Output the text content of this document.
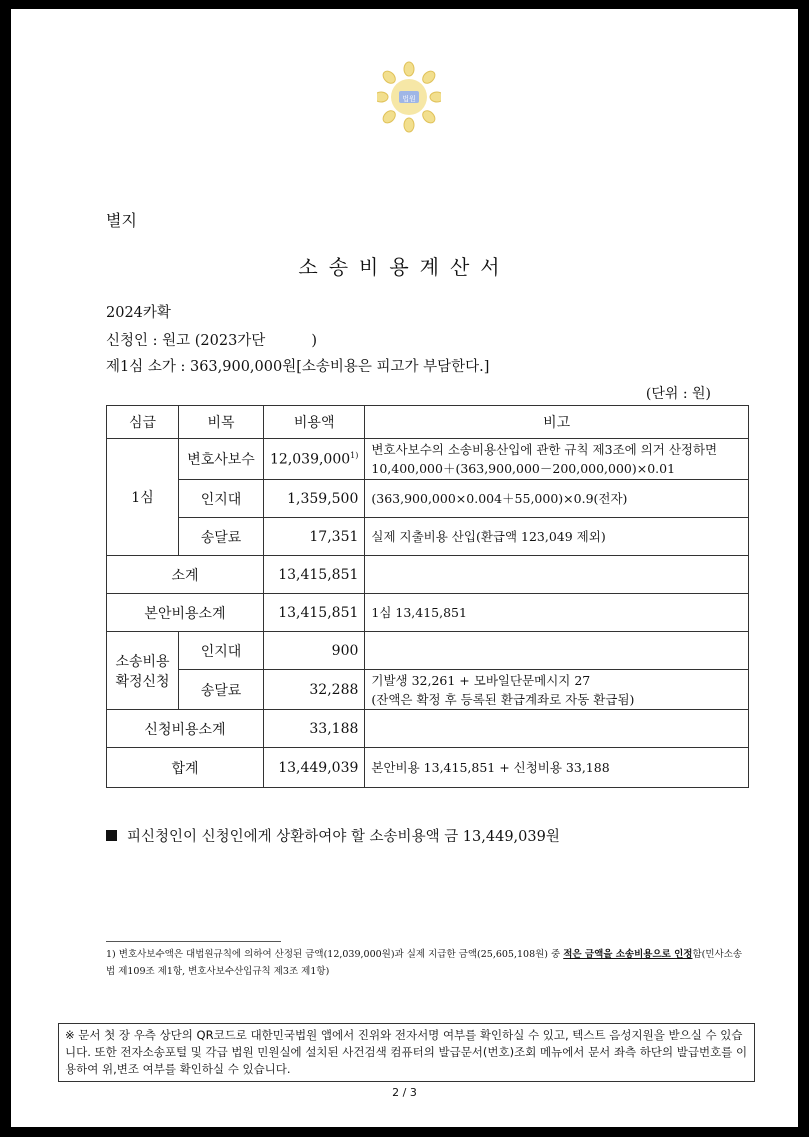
법원
별지
소송비용계산서
2024카확
신청인 : 원고 (2023가단          )
제1심 소가 : 363,900,000원[소송비용은 피고가 부담한다.]
(단위 : 원)
심급	비목	비용액	비고
1심	변호사보수	12,039,000$^{1)}$	변호사보수의 소송비용산입에 관한 규칙 제3조에 의거 산정하면
10,400,000＋(363,900,000－200,000,000)×0.01

	인지대	1,359,500	(363,900,000×0.004＋55,000)×0.9(전자)
	송달료	17,351	실제 지출비용 산입(환급액 123,049 제외)
소계		13,415,851	
본안비용소계		13,415,851	1심 13,415,851

소송비용
확정신청	인지대	900	
	송달료	32,288	기발생 32,261 + 모바일단문메시지 27
(잔액은 확정 후 등록된 환급계좌로 자동 환급됨)

신청비용소계		33,188	
합계		13,449,039	본안비용 13,415,851 + 신청비용 33,188
피신청인이 신청인에게 상환하여야 할 소송비용액 금 13,449,039원
1) 변호사보수액은 대법원규칙에 의하여 산정된 금액(12,039,000원)과 실제 지급한 금액(25,605,108원) 중 적은 금액을 소송비용으로 인정함(민사소송법 제109조 제1항, 변호사보수산입규칙 제3조 제1항)
※ 문서 첫 장 우측 상단의 QR코드로 대한민국법원 앱에서 진위와 전자서명 여부를 확인하실 수 있고, 텍스트 음성지원을 받으실 수 있습니다. 또한 전자소송포털 및 각급 법원 민원실에 설치된 사건검색 컴퓨터의 발급문서(번호)조회 메뉴에서 문서 좌측 하단의 발급번호를 이용하여 위,변조 여부를 확인하실 수 있습니다.
2 / 3
